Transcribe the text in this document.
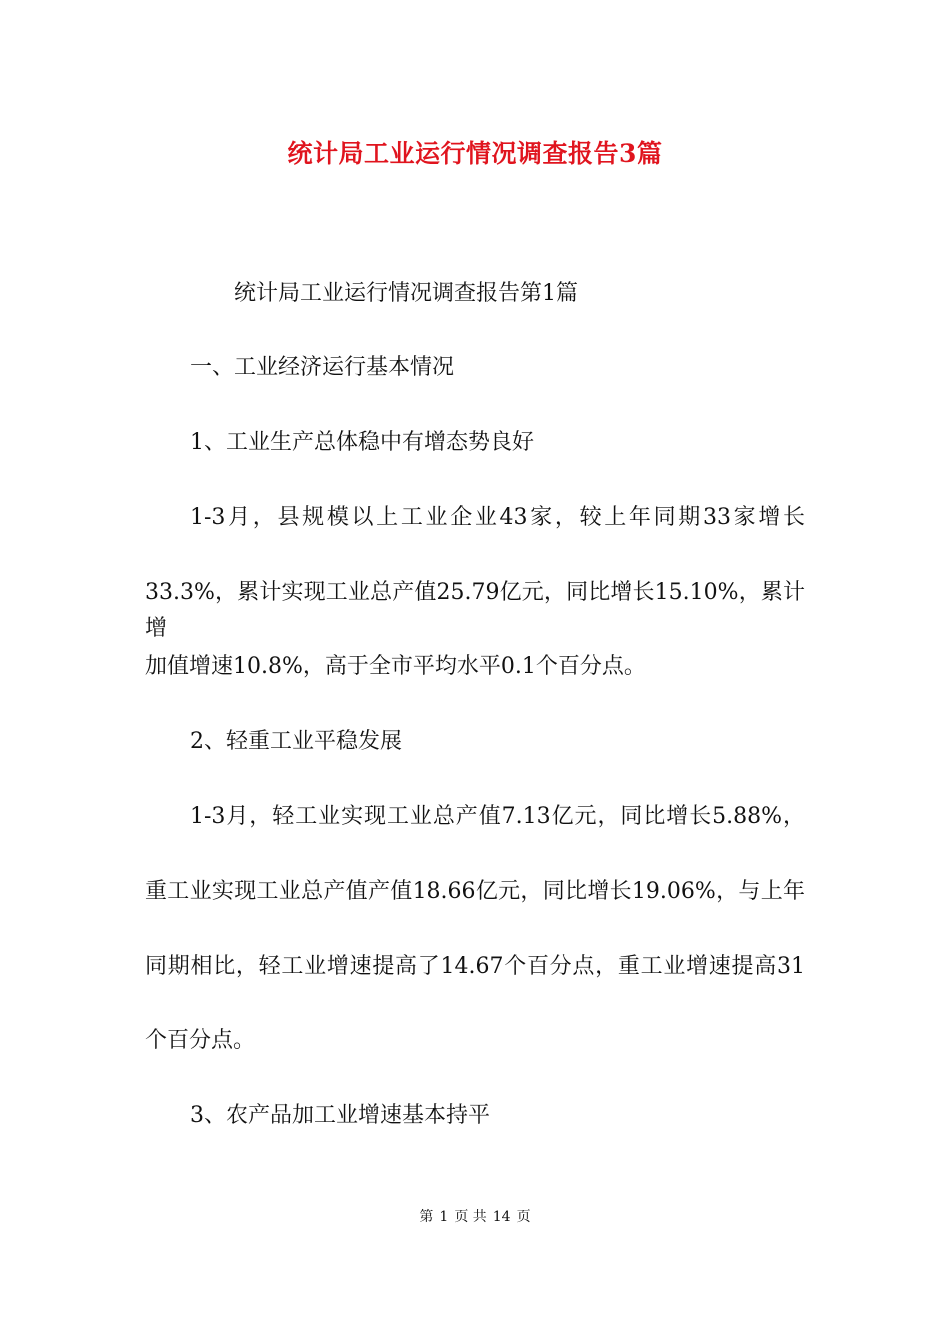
统计局工业运行情况调查报告3篇

统计局工业运行情况调查报告第1篇

一、工业经济运行基本情况

1、工业生产总体稳中有增态势良好

1-3月，县规模以上工业企业43家，较上年同期33家增长

33.3%，累计实现工业总产值25.79亿元，同比增长15.10%，累计增

加值增速10.8%，高于全市平均水平0.1个百分点。

2、轻重工业平稳发展

1-3月，轻工业实现工业总产值7.13亿元，同比增长5.88%，

重工业实现工业总产值产值18.66亿元，同比增长19.06%，与上年

同期相比，轻工业增速提高了14.67个百分点，重工业增速提高31

个百分点。

3、农产品加工业增速基本持平

第 1 页 共 14 页
